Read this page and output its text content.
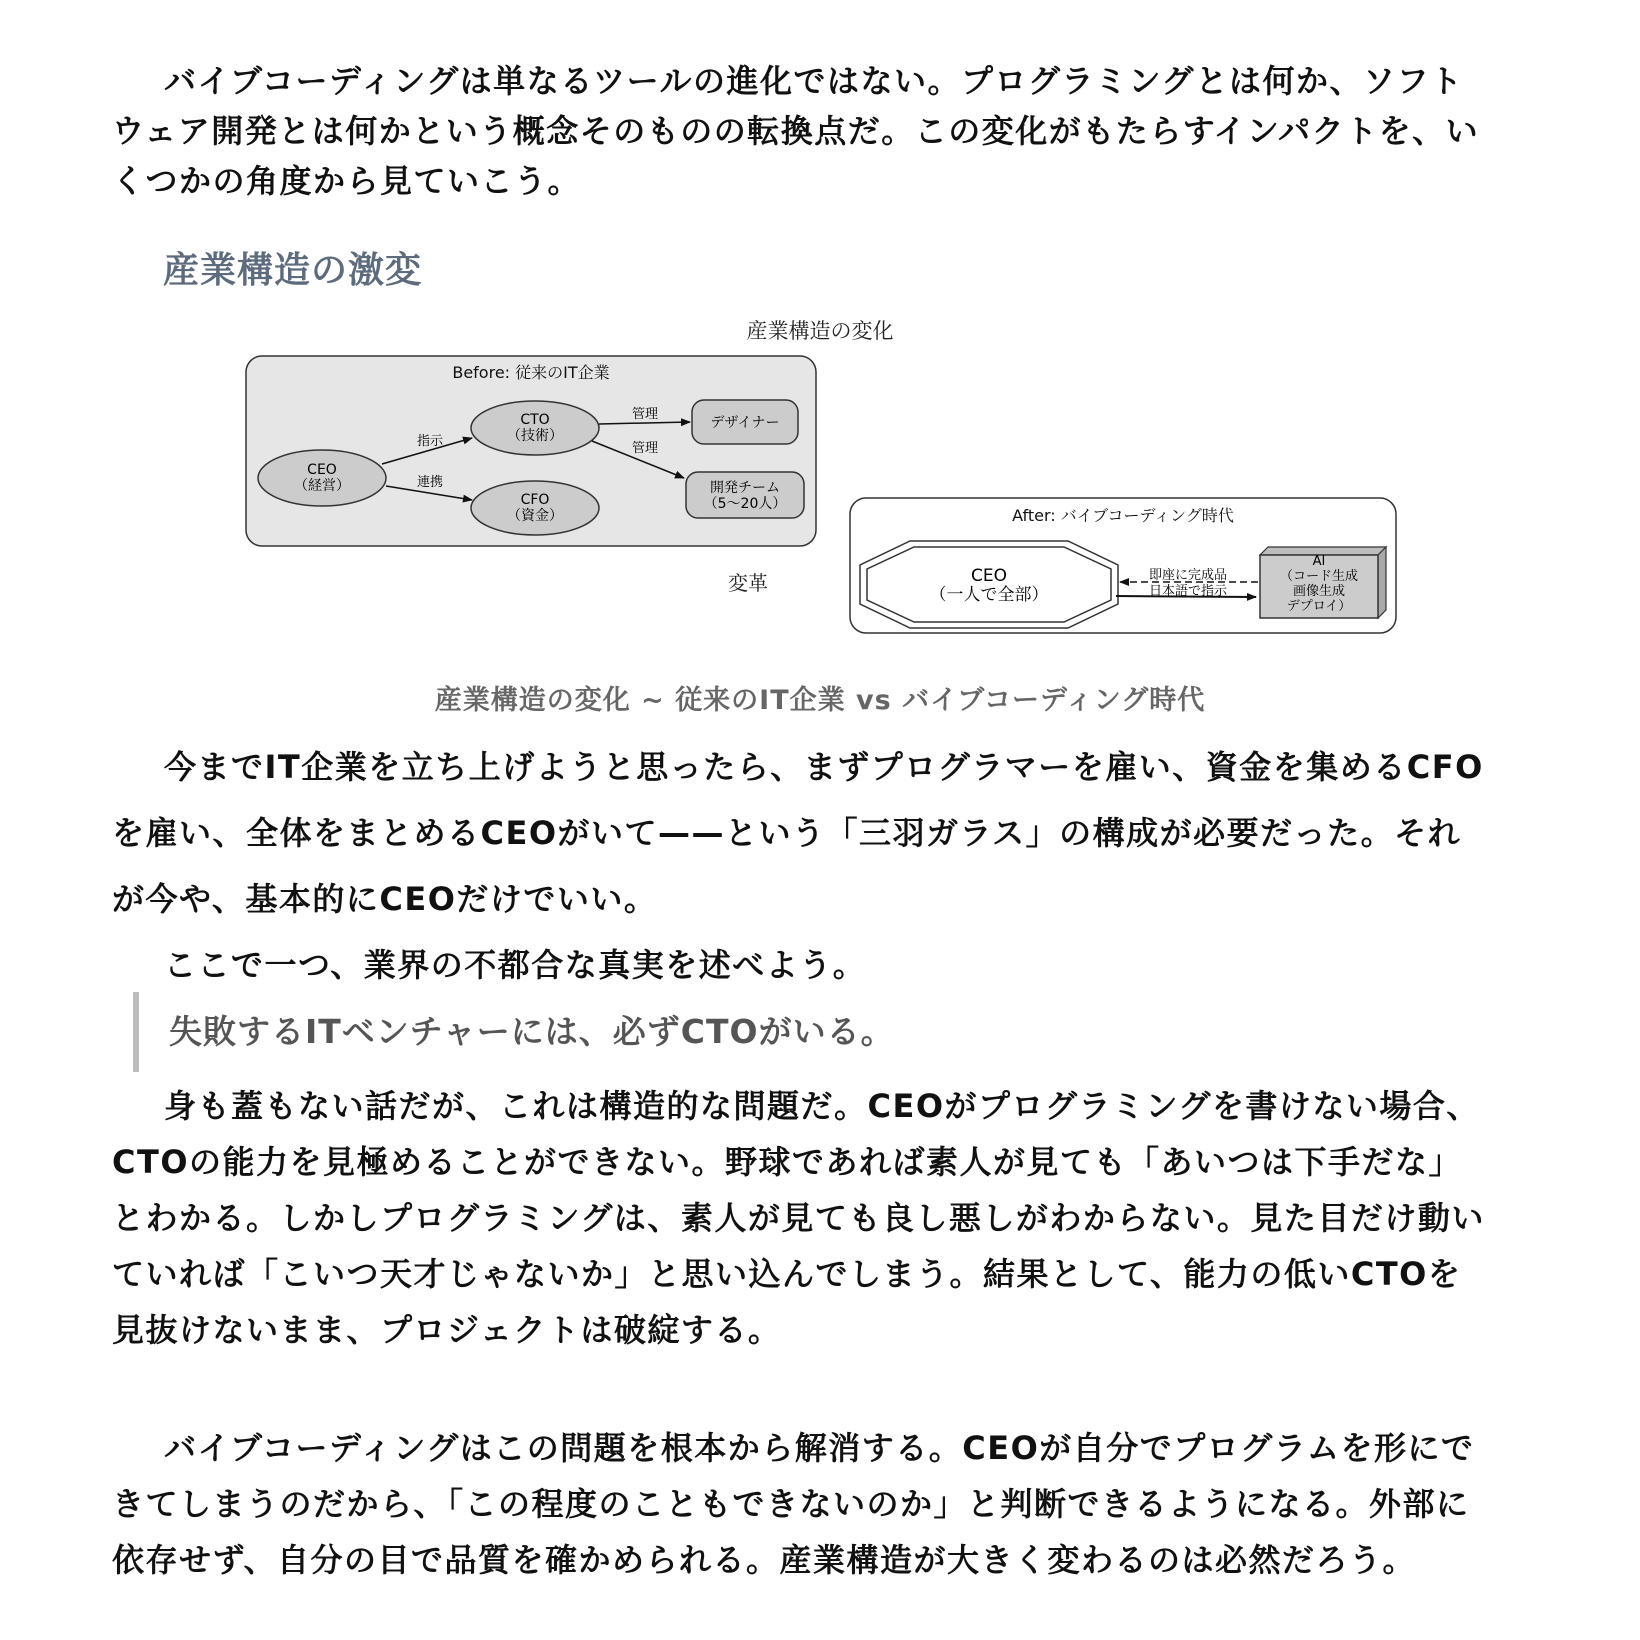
バイブコーディングは単なるツールの進化ではない。プログラミングとは何か、ソフトウェア開発とは何かという概念そのものの転換点だ。この変化がもたらすインパクトを、いくつかの角度から見ていこう。

産業構造の激変
産業構造の変化
Before: 従来のIT企業
CEO
（経営）
CTO
（技術）
CFO
（資金）
デザイナー
開発チーム
（5〜20人）
指示
連携
管理
管理
変革
After: バイブコーディング時代
CEO
（一人で全部）
AI
（コード生成
画像生成
デプロイ）
即座に完成品
日本語で指示
産業構造の変化 ~ 従来のIT企業 vs バイブコーディング時代

今までIT企業を立ち上げようと思ったら、まずプログラマーを雇い、資金を集めるCFOを雇い、全体をまとめるCEOがいて——という「三羽ガラス」の構成が必要だった。それが今や、基本的にCEOだけでいい。

ここで一つ、業界の不都合な真実を述べよう。

失敗するITベンチャーには、必ずCTOがいる。

身も蓋もない話だが、これは構造的な問題だ。CEOがプログラミングを書けない場合、CTOの能力を見極めることができない。野球であれば素人が見ても「あいつは下手だな」とわかる。しかしプログラミングは、素人が見ても良し悪しがわからない。見た目だけ動いていれば「こいつ天才じゃないか」と思い込んでしまう。結果として、能力の低いCTOを見抜けないまま、プロジェクトは破綻する。

バイブコーディングはこの問題を根本から解消する。CEOが自分でプログラムを形にできてしまうのだから、「この程度のこともできないのか」と判断できるようになる。外部に依存せず、自分の目で品質を確かめられる。産業構造が大きく変わるのは必然だろう。
